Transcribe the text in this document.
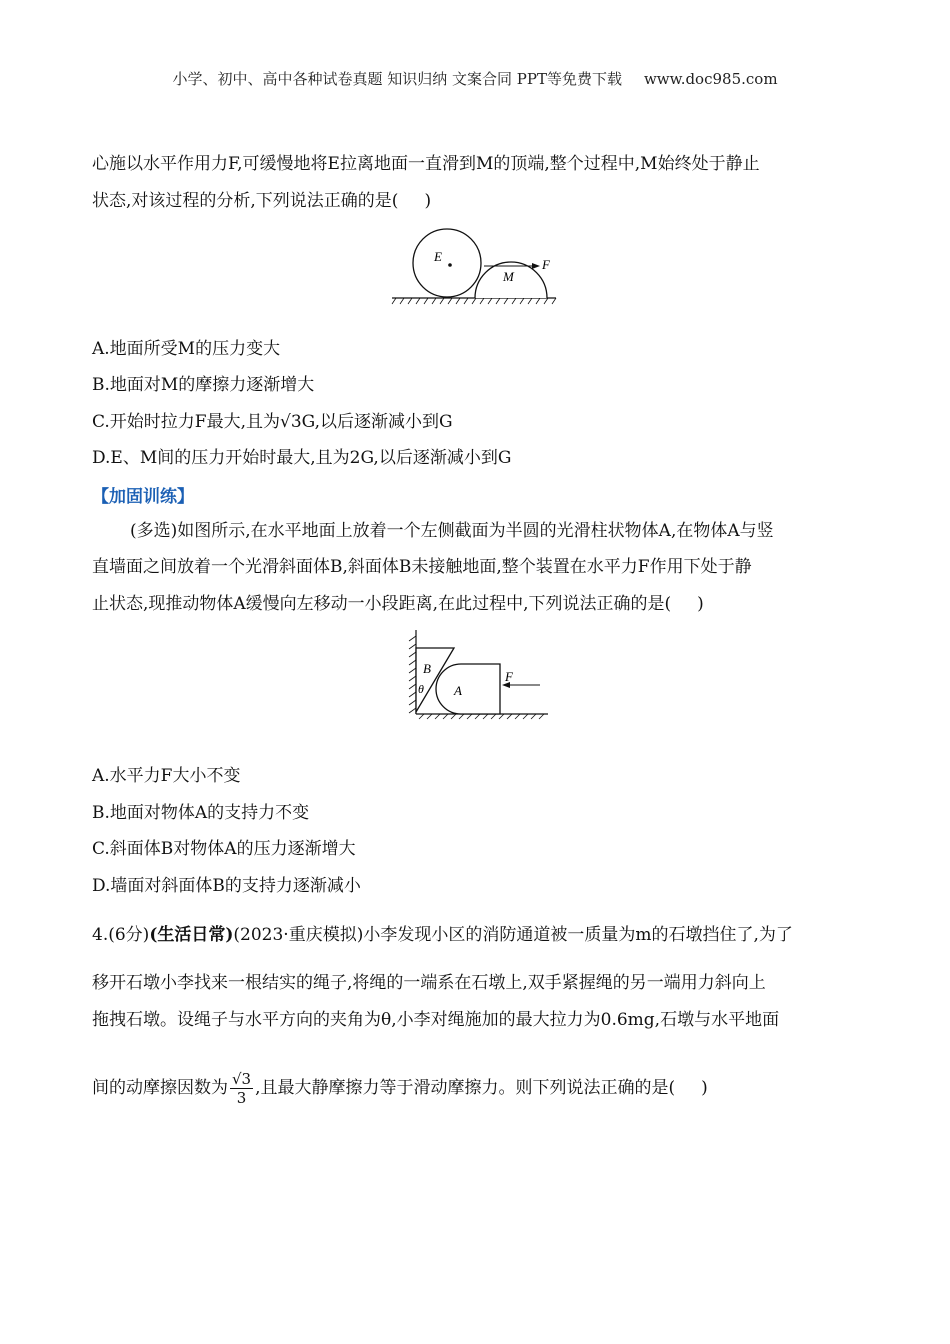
小学、初中、高中各种试卷真题 知识归纳 文案合同 PPT等免费下载 www.doc985.com
心施以水平作用力F,可缓慢地将E拉离地面一直滑到M的顶端,整个过程中,M始终处于静止
状态,对该过程的分析,下列说法正确的是( )
E
M
F
A.地面所受M的压力变大
B.地面对M的摩擦力逐渐增大
C.开始时拉力F最大,且为√3G,以后逐渐减小到G
D.E、M间的压力开始时最大,且为2G,以后逐渐减小到G
【加固训练】
(多选)如图所示,在水平地面上放着一个左侧截面为半圆的光滑柱状物体A,在物体A与竖
直墙面之间放着一个光滑斜面体B,斜面体B未接触地面,整个装置在水平力F作用下处于静
止状态,现推动物体A缓慢向左移动一小段距离,在此过程中,下列说法正确的是( )
B
θ A
F
A.水平力F大小不变
B.地面对物体A的支持力不变
C.斜面体B对物体A的压力逐渐增大
D.墙面对斜面体B的支持力逐渐减小
4.(6分)(生活日常)(2023·重庆模拟)小李发现小区的消防通道被一质量为m的石墩挡住了,为了
移开石墩小李找来一根结实的绳子,将绳的一端系在石墩上,双手紧握绳的另一端用力斜向上
拖拽石墩。设绳子与水平方向的夹角为θ,小李对绳施加的最大拉力为0.6mg,石墩与水平地面
间的动摩擦因数为 $\frac{√3}{3}$ ,且最大静摩擦力等于滑动摩擦力。则下列说法正确的是( )
